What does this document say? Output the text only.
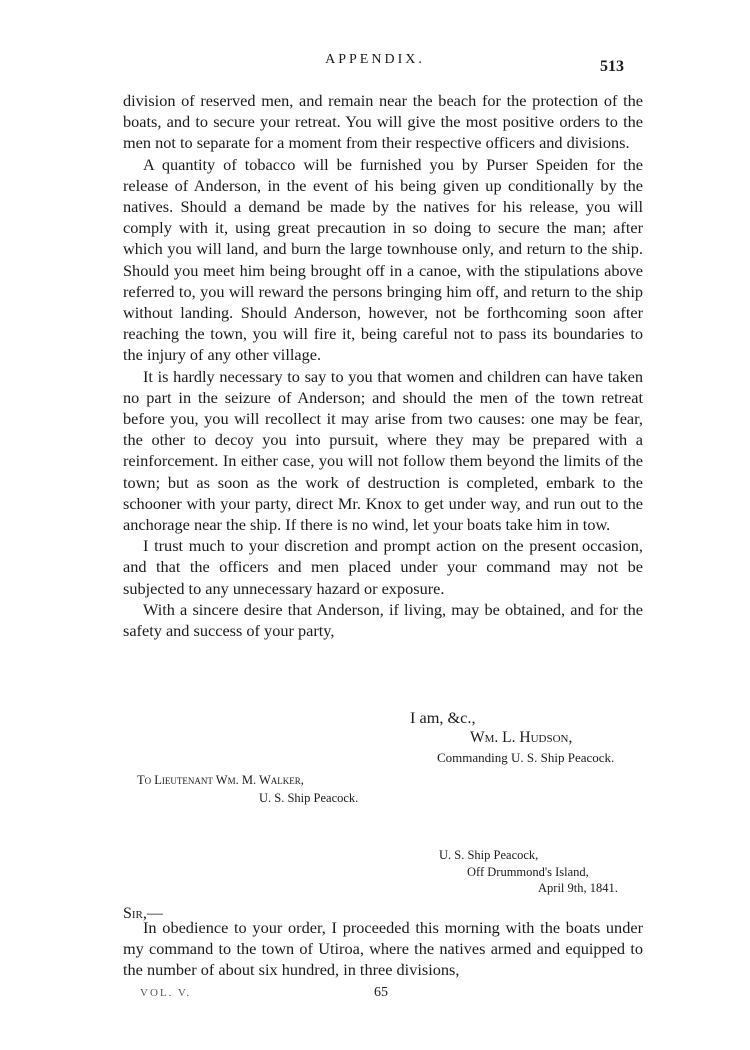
APPENDIX.	513

division of reserved men, and remain near the beach for the protection of the boats, and to secure your retreat. You will give the most positive orders to the men not to separate for a moment from their respective officers and divisions.

A quantity of tobacco will be furnished you by Purser Speiden for the release of Anderson, in the event of his being given up conditionally by the natives. Should a demand be made by the natives for his release, you will comply with it, using great precaution in so doing to secure the man; after which you will land, and burn the large townhouse only, and return to the ship. Should you meet him being brought off in a canoe, with the stipulations above referred to, you will reward the persons bringing him off, and return to the ship without landing. Should Anderson, however, not be forthcoming soon after reaching the town, you will fire it, being careful not to pass its boundaries to the injury of any other village.

It is hardly necessary to say to you that women and children can have taken no part in the seizure of Anderson; and should the men of the town retreat before you, you will recollect it may arise from two causes: one may be fear, the other to decoy you into pursuit, where they may be prepared with a reinforcement. In either case, you will not follow them beyond the limits of the town; but as soon as the work of destruction is completed, embark to the schooner with your party, direct Mr. Knox to get under way, and run out to the anchorage near the ship. If there is no wind, let your boats take him in tow.

I trust much to your discretion and prompt action on the present occasion, and that the officers and men placed under your command may not be subjected to any unnecessary hazard or exposure.

With a sincere desire that Anderson, if living, may be obtained, and for the safety and success of your party,

I am, &c.,
Wm. L. Hudson,
Commanding U. S. Ship Peacock.
To Lieutenant Wm. M. Walker,
U. S. Ship Peacock.
U. S. Ship Peacock,
Off Drummond's Island,
April 9th, 1841.
Sir,—

In obedience to your order, I proceeded this morning with the boats under my command to the town of Utiroa, where the natives armed and equipped to the number of about six hundred, in three divisions,

VOL. V.	65
